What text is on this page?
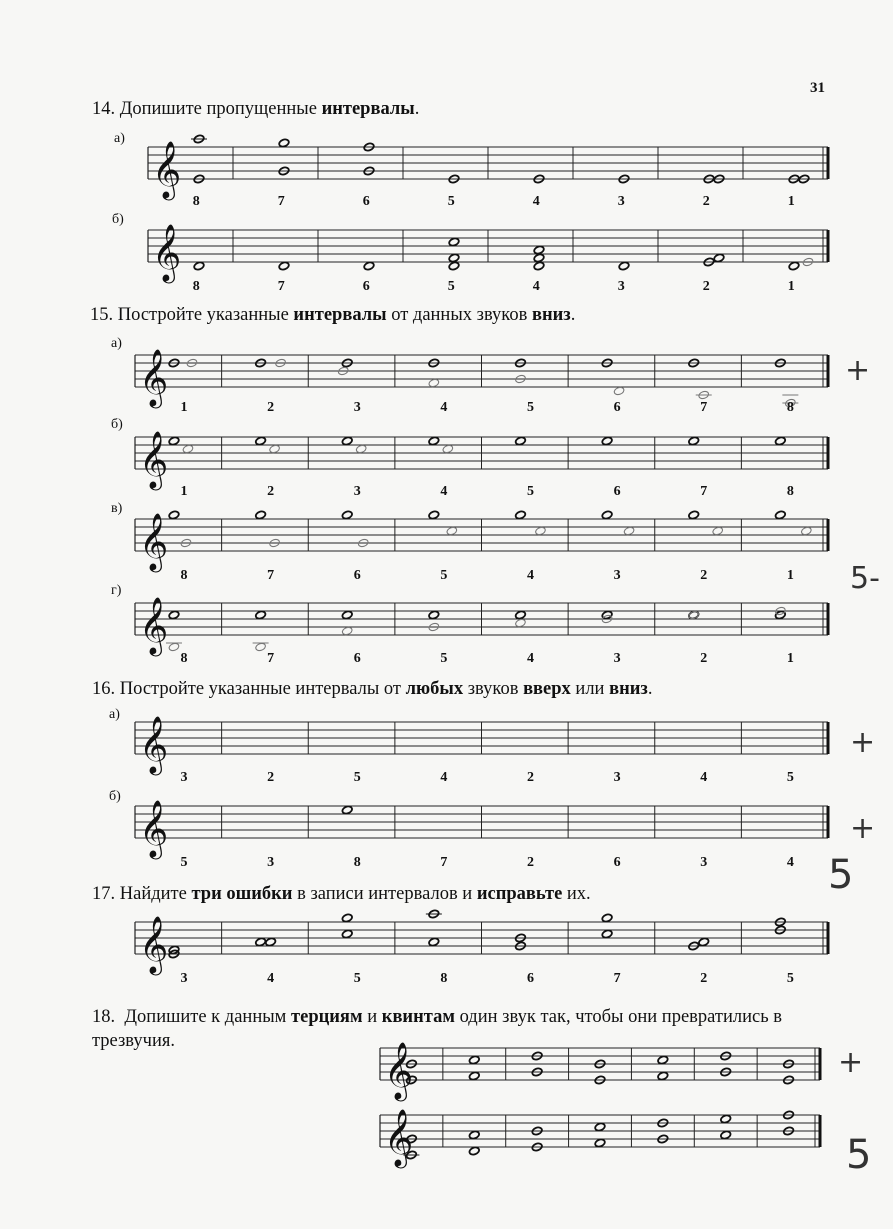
31
14. Допишите пропущенные интервалы.
а)
б)
15. Постройте указанные интервалы от данных звуков вниз.
а)
б)
в)
г)
16. Постройте указанные интервалы от любых звуков вверх или вниз.
а)
б)
17. Найдите три ошибки в записи интервалов и исправьте их.
18. Допишите к данным терциям и квинтам один звук так, чтобы они превратились в трезвучия.
𝄞
8	7	6	5	4	3	2	1
𝄞
8	7	6	5	4	3	2	1
𝄞
1	2	3	4	5	6	7	8
𝄞
1	2	3	4	5	6	7	8
𝄞
8	7	6	5	4	3	2	1
𝄞
8	7	6	5	4	3	2	1
𝄞
3	2	5	4	2	3	4	5
𝄞
5	3	8	7	2	6	3	4
𝄞
3	4	5	8	6	7	2	5
𝄞
𝄞
+
5-
+
+
5
+
5
